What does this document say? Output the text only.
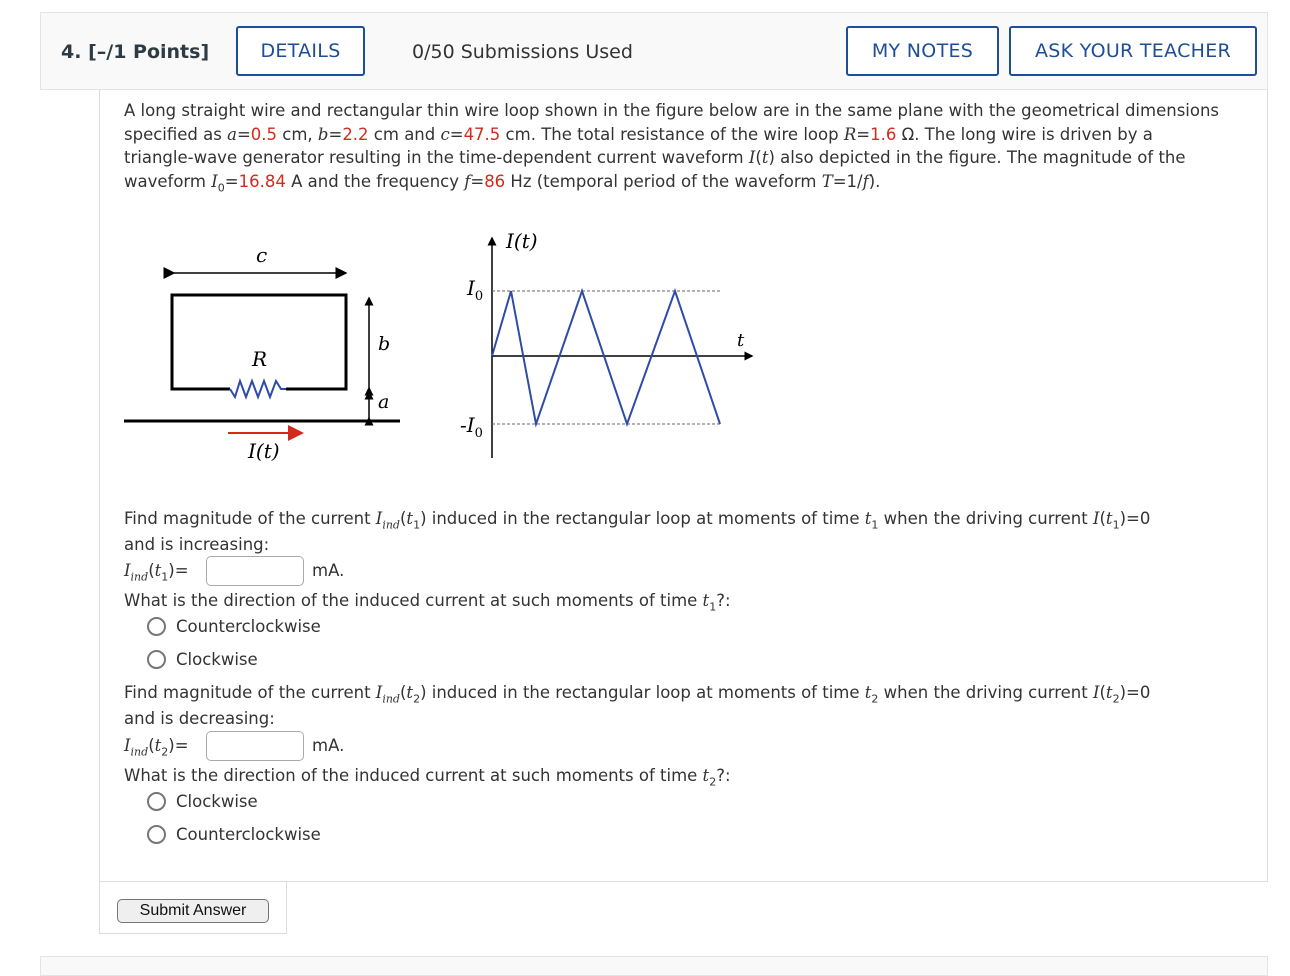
4. [–/1 Points]	DETAILS	0/50 Submissions Used	MY NOTES	ASK YOUR TEACHER

A long straight wire and rectangular thin wire loop shown in the figure below are in the same plane with the geometrical dimensions specified as a=0.5 cm, b=2.2 cm and c=47.5 cm. The total resistance of the wire loop R=1.6 Ω. The long wire is driven by a triangle-wave generator resulting in the time-dependent current waveform I(t) also depicted in the figure. The magnitude of the waveform $I_0=16.84$ A and the frequency f=86 Hz (temporal period of the waveform T=1/f).

c
R
b
a
I(t)
I(t)
t
$I_0$
$-I_0$
Find magnitude of the current $I_{ind}(t_1)$ induced in the rectangular loop at moments of time $t_1$ when the driving current $I(t_1)=0$
and is increasing:
$I_{ind}(t_1)=$	mA.
What is the direction of the induced current at such moments of time $t_1$?:
Counterclockwise
Clockwise
Find magnitude of the current $I_{ind}(t_2)$ induced in the rectangular loop at moments of time $t_2$ when the driving current $I(t_2)=0$
and is decreasing:
$I_{ind}(t_2)=$	mA.
What is the direction of the induced current at such moments of time $t_2$?:
Clockwise
Counterclockwise
Submit Answer
